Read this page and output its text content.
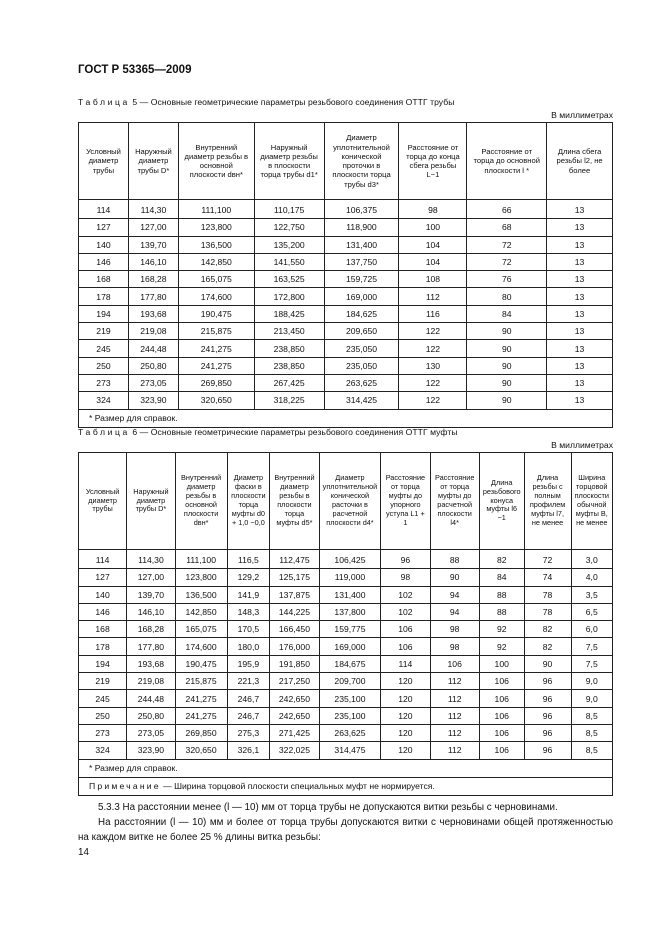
ГОСТ Р 53365—2009
Таблица 5 — Основные геометрические параметры резьбового соединения ОТТГ трубы
В миллиметрах
Условный диаметр трубы	Наружный диаметр трубы D*	Внутренний диаметр резьбы в основной плоскости dвн*	Наружный диаметр резьбы в плоскости торца трубы d1*	Диаметр уплотнительной конической проточки в плоскости торца трубы d3*	Расстояние от торца до конца сбега резьбы L−1	Расстояние от торца до основной плоскости l *	Длина сбега резьбы l2, не более
114	114,30	111,100	110,175	106,375	98	66	13
127	127,00	123,800	122,750	118,900	100	68	13
140	139,70	136,500	135,200	131,400	104	72	13
146	146,10	142,850	141,550	137,750	104	72	13
168	168,28	165,075	163,525	159,725	108	76	13
178	177,80	174,600	172,800	169,000	112	80	13
194	193,68	190,475	188,425	184,625	116	84	13
219	219,08	215,875	213,450	209,650	122	90	13
245	244,48	241,275	238,850	235,050	122	90	13
250	250,80	241,275	238,850	235,050	130	90	13
273	273,05	269,850	267,425	263,625	122	90	13
324	323,90	320,650	318,225	314,425	122	90	13
* Размер для справок.							
Таблица 6 — Основные геометрические параметры резьбового соединения ОТТГ муфты
В миллиметрах
Условный диаметр трубы	Наружный диаметр трубы D*	Внутренний диаметр резьбы в основной плоскости dвн*	Диаметр фаски в плоскости торца муфты d0 + 1,0 −0,0	Внутренний диаметр резьбы в плоскости торца муфты d5*	Диаметр уплотнительной конической расточки в расчетной плоскости d4*	Расстояние от торца муфты до упорного уступа L1 + 1	Расстояние от торца муфты до расчетной плоскости l4*	Длина резьбового конуса муфты l6 −1	Длина резьбы с полным профилем муфты l7, не менее	Ширина торцовой плоскости обычной муфты B, не менее
114	114,30	111,100	116,5	112,475	106,425	96	88	82	72	3,0
127	127,00	123,800	129,2	125,175	119,000	98	90	84	74	4,0
140	139,70	136,500	141,9	137,875	131,400	102	94	88	78	3,5
146	146,10	142,850	148,3	144,225	137,800	102	94	88	78	6,5
168	168,28	165,075	170,5	166,450	159,775	106	98	92	82	6,0
178	177,80	174,600	180,0	176,000	169,000	106	98	92	82	7,5
194	193,68	190,475	195,9	191,850	184,675	114	106	100	90	7,5
219	219,08	215,875	221,3	217,250	209,700	120	112	106	96	9,0
245	244,48	241,275	246,7	242,650	235,100	120	112	106	96	9,0
250	250,80	241,275	246,7	242,650	235,100	120	112	106	96	8,5
273	273,05	269,850	275,3	271,425	263,625	120	112	106	96	8,5
324	323,90	320,650	326,1	322,025	314,475	120	112	106	96	8,5
* Размер для справок.										
Примечание — Ширина торцовой плоскости специальных муфт не нормируется.										

5.3.3 На расстоянии менее (l — 10) мм от торца трубы не допускаются витки резьбы с черновинами.

На расстоянии (l — 10) мм и более от торца трубы допускаются витки с черновинами общей протяженностью на каждом витке не более 25 % длины витка резьбы:

14
